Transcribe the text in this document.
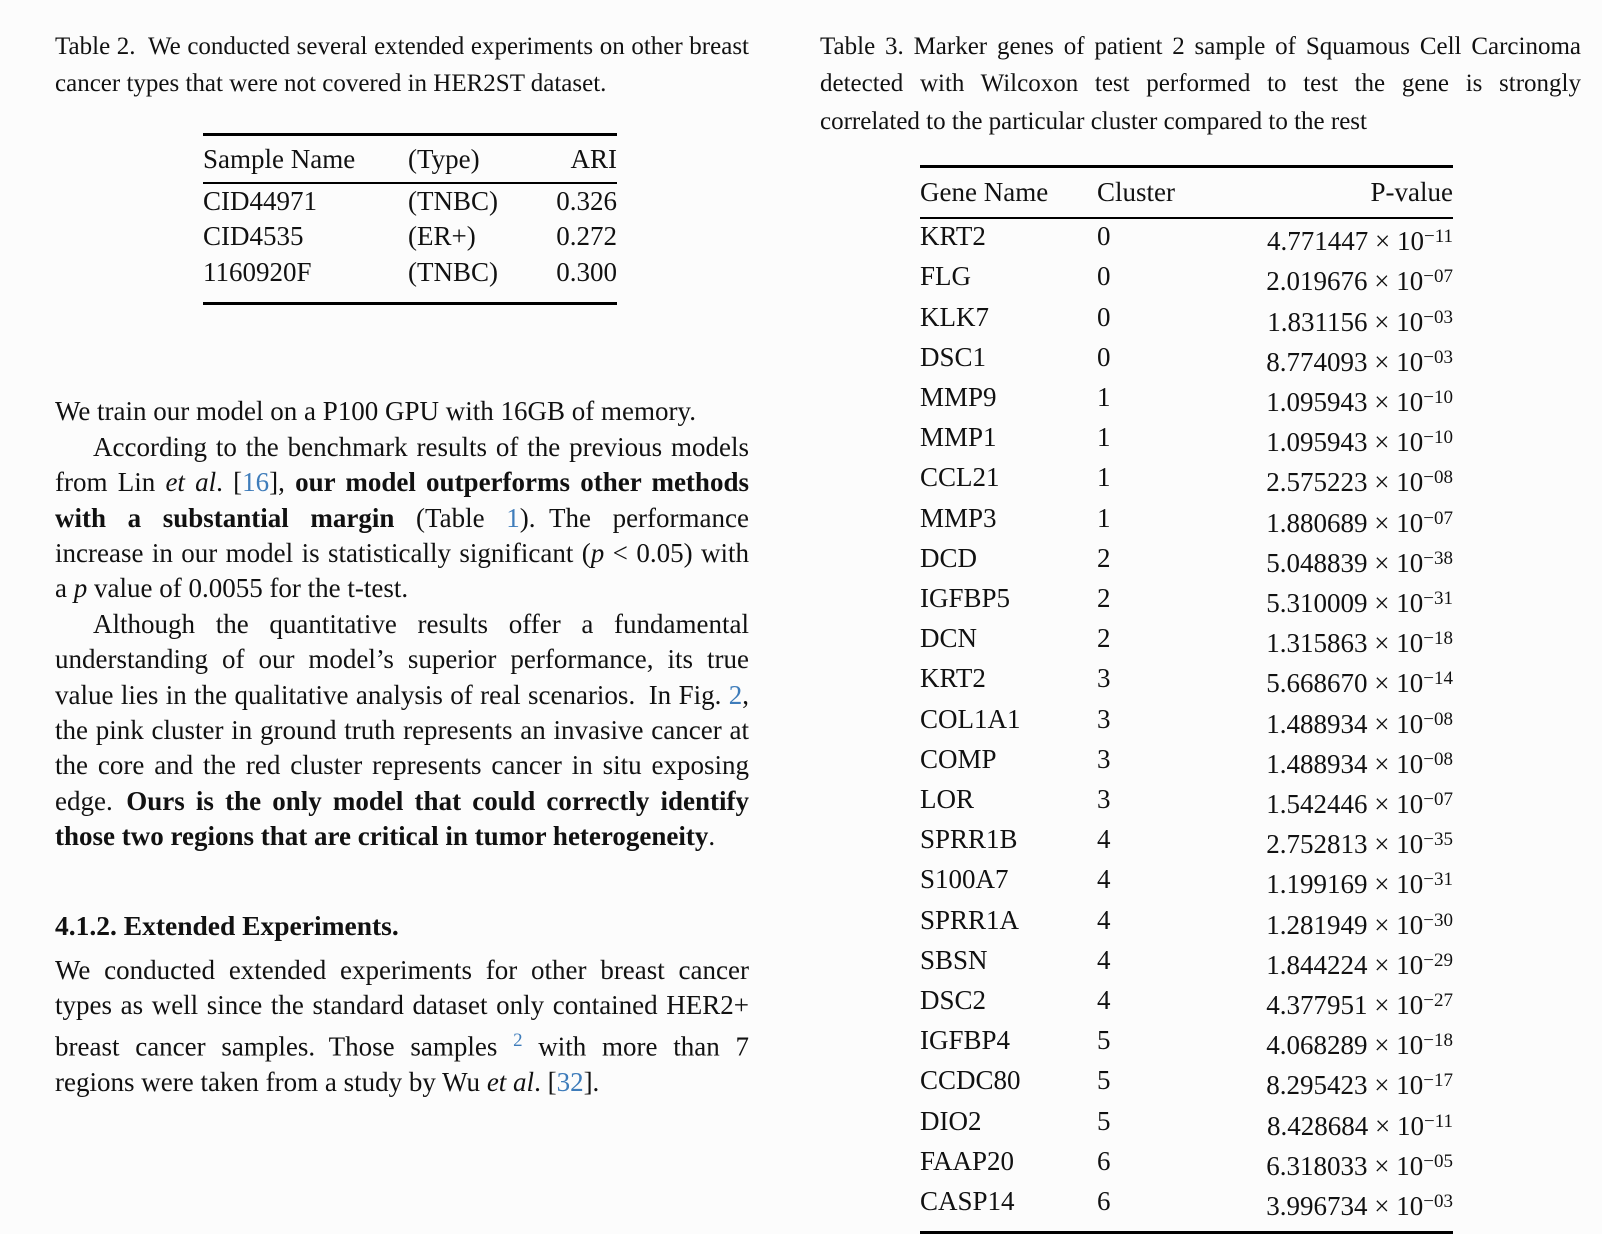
Table 2. We conducted several extended experiments on other breast cancer types that were not covered in HER2ST dataset.
Sample Name	(Type)	ARI
CID44971	(TNBC)	0.326
CID4535	(ER+)	0.272
1160920F	(TNBC)	0.300

We train our model on a P100 GPU with 16GB of memory.

According to the benchmark results of the previous models from Lin et al. [16], our model outperforms other methods with a substantial margin (Table 1). The performance increase in our model is statistically significant (p < 0.05) with a p value of 0.0055 for the t-test.

Although the quantitative results offer a fundamental understanding of our model’s superior performance, its true value lies in the qualitative analysis of real scenarios. In Fig. 2, the pink cluster in ground truth represents an invasive cancer at the core and the red cluster represents cancer in situ exposing edge. Ours is the only model that could correctly identify those two regions that are critical in tumor heterogeneity.

4.1.2. Extended Experiments.

We conducted extended experiments for other breast cancer types as well since the standard dataset only contained HER2+ breast cancer samples. Those samples $^2$ with more than 7 regions were taken from a study by Wu et al. [32].

Table 3. Marker genes of patient 2 sample of Squamous Cell Carcinoma detected with Wilcoxon test performed to test the gene is strongly correlated to the particular cluster compared to the rest
Gene Name	Cluster	P-value
KRT2	0	$4.771447 \times 10^{-11}$
FLG	0	$2.019676 \times 10^{-07}$
KLK7	0	$1.831156 \times 10^{-03}$
DSC1	0	$8.774093 \times 10^{-03}$
MMP9	1	$1.095943 \times 10^{-10}$
MMP1	1	$1.095943 \times 10^{-10}$
CCL21	1	$2.575223 \times 10^{-08}$
MMP3	1	$1.880689 \times 10^{-07}$
DCD	2	$5.048839 \times 10^{-38}$
IGFBP5	2	$5.310009 \times 10^{-31}$
DCN	2	$1.315863 \times 10^{-18}$
KRT2	3	$5.668670 \times 10^{-14}$
COL1A1	3	$1.488934 \times 10^{-08}$
COMP	3	$1.488934 \times 10^{-08}$
LOR	3	$1.542446 \times 10^{-07}$
SPRR1B	4	$2.752813 \times 10^{-35}$
S100A7	4	$1.199169 \times 10^{-31}$
SPRR1A	4	$1.281949 \times 10^{-30}$
SBSN	4	$1.844224 \times 10^{-29}$
DSC2	4	$4.377951 \times 10^{-27}$
IGFBP4	5	$4.068289 \times 10^{-18}$
CCDC80	5	$8.295423 \times 10^{-17}$
DIO2	5	$8.428684 \times 10^{-11}$
FAAP20	6	$6.318033 \times 10^{-05}$
CASP14	6	$3.996734 \times 10^{-03}$
